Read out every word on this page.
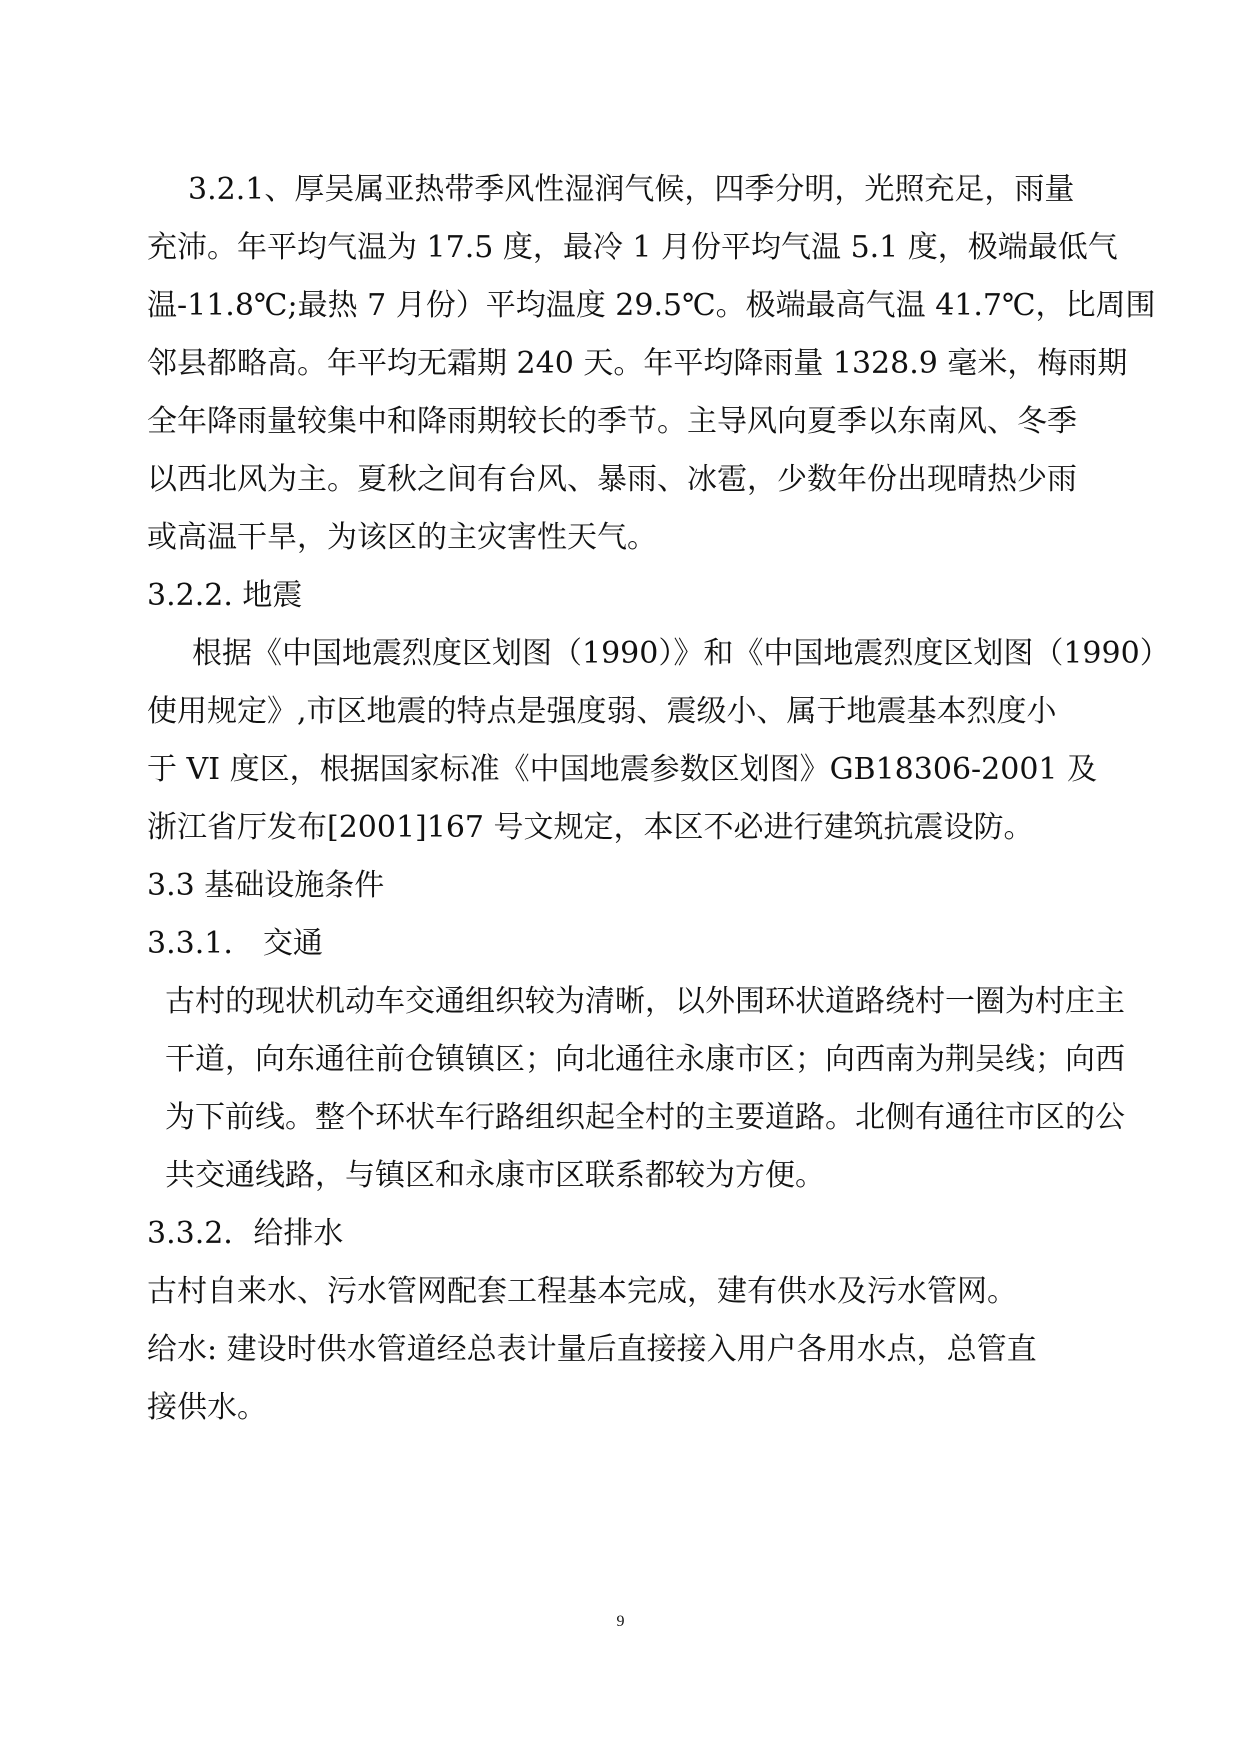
3.2.1、厚吴属亚热带季风性湿润气候，四季分明，光照充足，雨量
充沛。年平均气温为 17.5 度，最冷 1 月份平均气温 5.1 度，极端最低气
温-11.8℃;最热 7 月份）平均温度 29.5℃。极端最高气温 41.7℃，比周围
邻县都略高。年平均无霜期 240 天。年平均降雨量 1328.9 毫米，梅雨期
全年降雨量较集中和降雨期较长的季节。主导风向夏季以东南风、冬季
以西北风为主。夏秋之间有台风、暴雨、冰雹，少数年份出现晴热少雨
或高温干旱，为该区的主灾害性天气。
3.2.2. 地震
根据《中国地震烈度区划图（1990）》和《中国地震烈度区划图（1990）
使用规定》,市区地震的特点是强度弱、震级小、属于地震基本烈度小
于 VI 度区，根据国家标准《中国地震参数区划图》GB18306-2001 及
浙江省厅发布[2001]167 号文规定，本区不必进行建筑抗震设防。
3.3 基础设施条件
3.3.1.　交通
古村的现状机动车交通组织较为清晰，以外围环状道路绕村一圈为村庄主
干道，向东通往前仓镇镇区；向北通往永康市区；向西南为荆吴线；向西
为下前线。整个环状车行路组织起全村的主要道路。北侧有通往市区的公
共交通线路，与镇区和永康市区联系都较为方便。
3.3.2．给排水
古村自来水、污水管网配套工程基本完成，建有供水及污水管网。
给水: 建设时供水管道经总表计量后直接接入用户各用水点，总管直
接供水。
9
